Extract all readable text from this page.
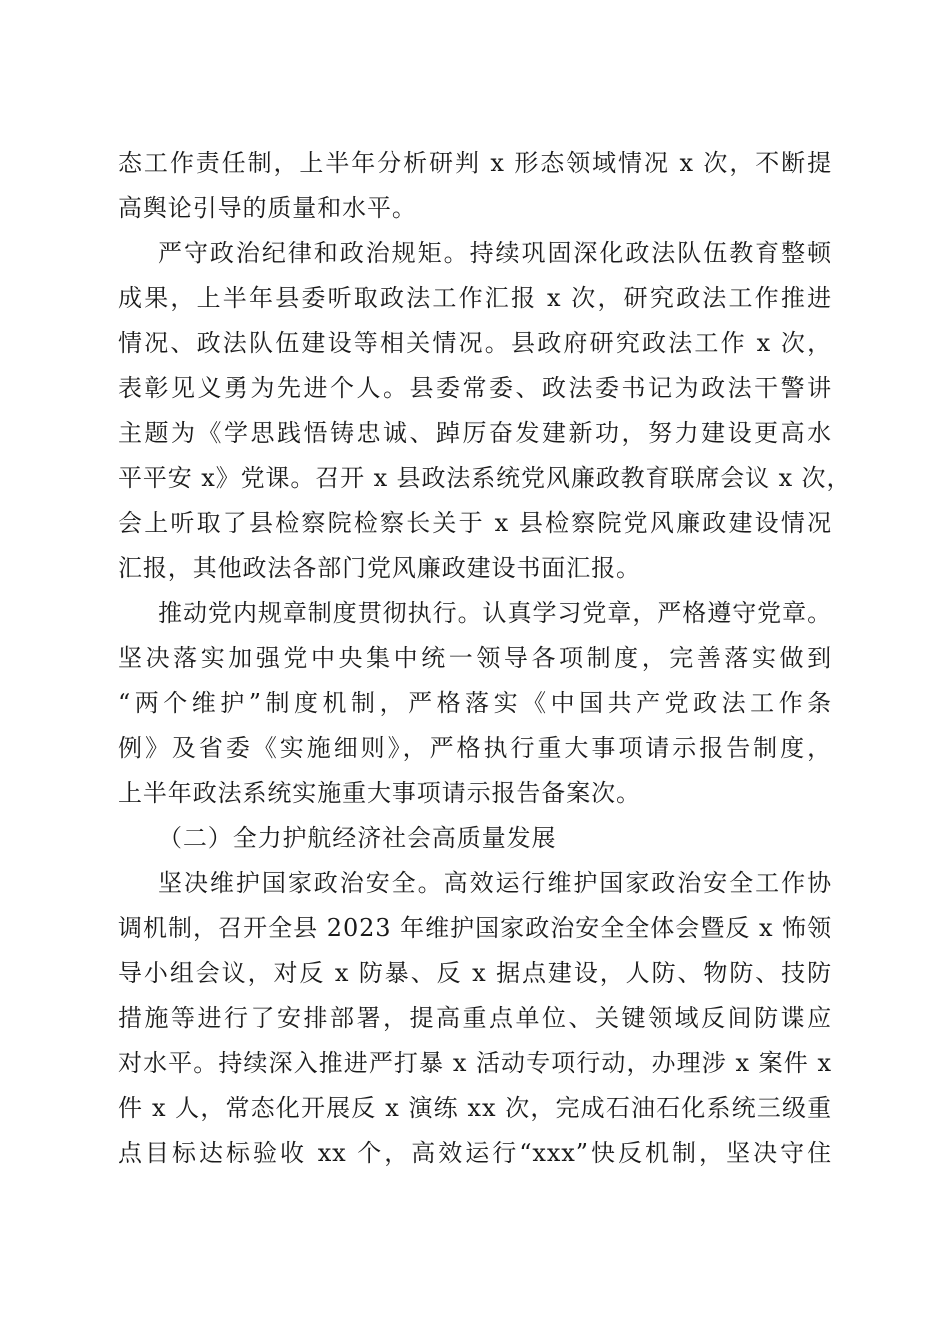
态工作责任制，上半年分析研判 x 形态领域情况 x 次，不断提
高舆论引导的质量和水平。
严守政治纪律和政治规矩。持续巩固深化政法队伍教育整顿
成果，上半年县委听取政法工作汇报 x 次，研究政法工作推进
情况、政法队伍建设等相关情况。县政府研究政法工作 x 次，
表彰见义勇为先进个人。县委常委、政法委书记为政法干警讲
主题为《学思践悟铸忠诚、踔厉奋发建新功，努力建设更高水
平平安 x》党课。召开 x 县政法系统党风廉政教育联席会议 x 次，
会上听取了县检察院检察长关于 x 县检察院党风廉政建设情况
汇报，其他政法各部门党风廉政建设书面汇报。
推动党内规章制度贯彻执行。认真学习党章，严格遵守党章。
坚决落实加强党中央集中统一领导各项制度，完善落实做到
“两个维护”制度机制，严格落实《中国共产党政法工作条
例》及省委《实施细则》，严格执行重大事项请示报告制度，
上半年政法系统实施重大事项请示报告备案次。
（二）全力护航经济社会高质量发展
坚决维护国家政治安全。高效运行维护国家政治安全工作协
调机制，召开全县 2023 年维护国家政治安全全体会暨反 x 怖领
导小组会议，对反 x 防暴、反 x 据点建设，人防、物防、技防
措施等进行了安排部署，提高重点单位、关键领域反间防谍应
对水平。持续深入推进严打暴 x 活动专项行动，办理涉 x 案件 x
件 x 人，常态化开展反 x 演练 xx 次，完成石油石化系统三级重
点目标达标验收 xx 个，高效运行“xxx”快反机制，坚决守住
